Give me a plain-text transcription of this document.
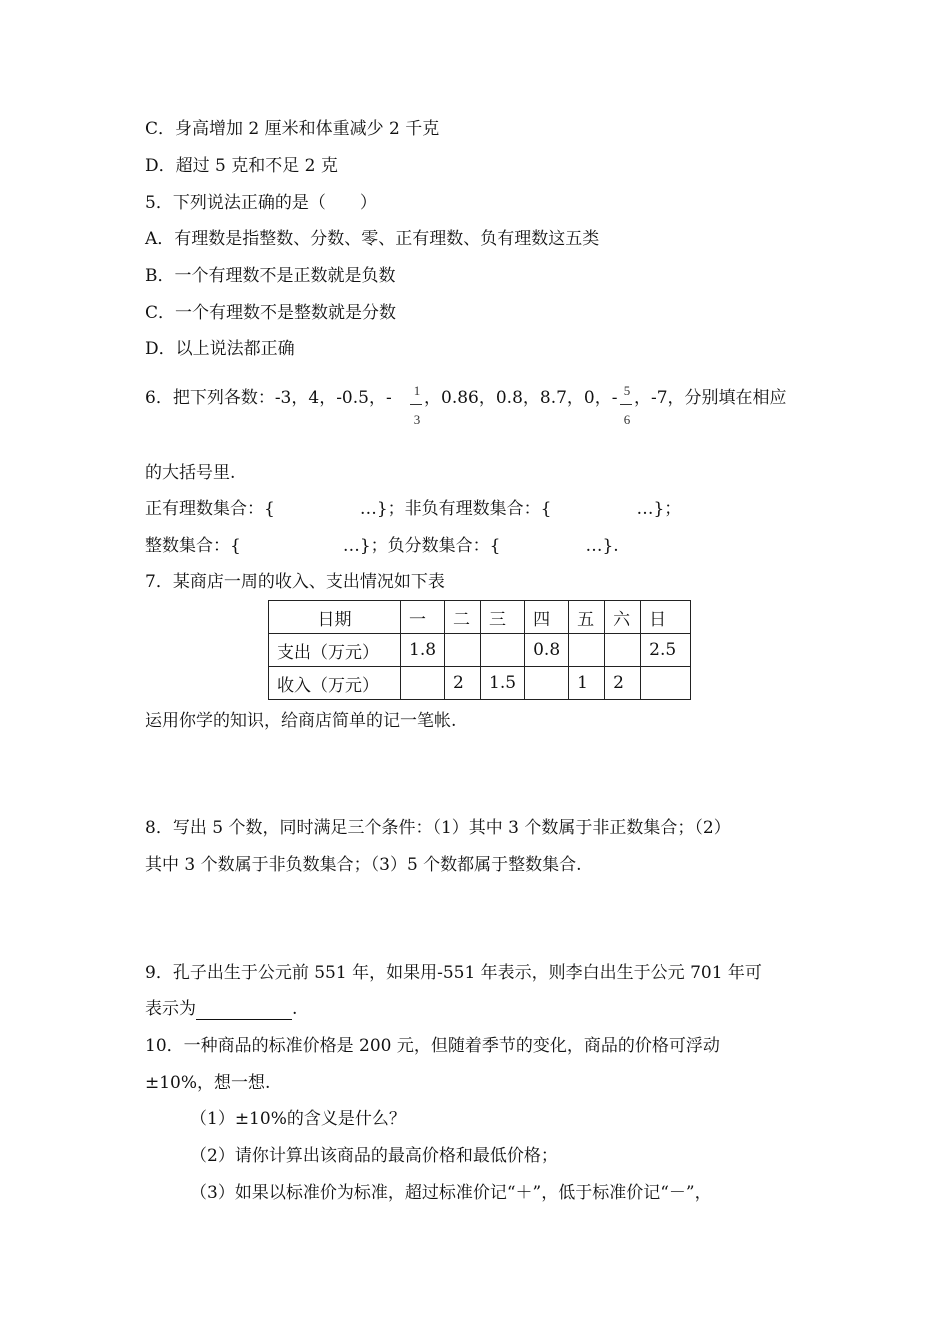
C．身高增加 2 厘米和体重减少 2 千克
D．超过 5 克和不足 2 克
5．下列说法正确的是（　　）
A．有理数是指整数、分数、零、正有理数、负有理数这五类
B．一个有理数不是正数就是负数
C．一个有理数不是整数就是分数
D．以上说法都正确
6．把下列各数：-3，4，-0.5，- 1
3
，0.86，0.8，8.7，0，- 5
6
，-7，分别填在相应
的大括号里.
正有理数集合：{　　　　　…}；非负有理数集合：{　　　　　…}；
整数集合：{　　　　　　…}；负分数集合：{　　　　　…}.
7．某商店一周的收入、支出情况如下表
日期	一	二	三	四	五	六	日
支出（万元）	1.8			0.8			2.5
收入（万元）		2	1.5		1	2	
运用你学的知识，给商店简单的记一笔帐.
8．写出 5 个数，同时满足三个条件：（1）其中 3 个数属于非正数集合；（2）
其中 3 个数属于非负数集合；（3）5 个数都属于整数集合.
9．孔子出生于公元前 551 年，如果用-551 年表示，则李白出生于公元 701 年可
表示为	.
10．一种商品的标准价格是 200 元，但随着季节的变化，商品的价格可浮动
±10%，想一想.
（1）±10%的含义是什么？
（2）请你计算出该商品的最高价格和最低价格；
（3）如果以标准价为标准，超过标准价记“＋”，低于标准价记“－”，
